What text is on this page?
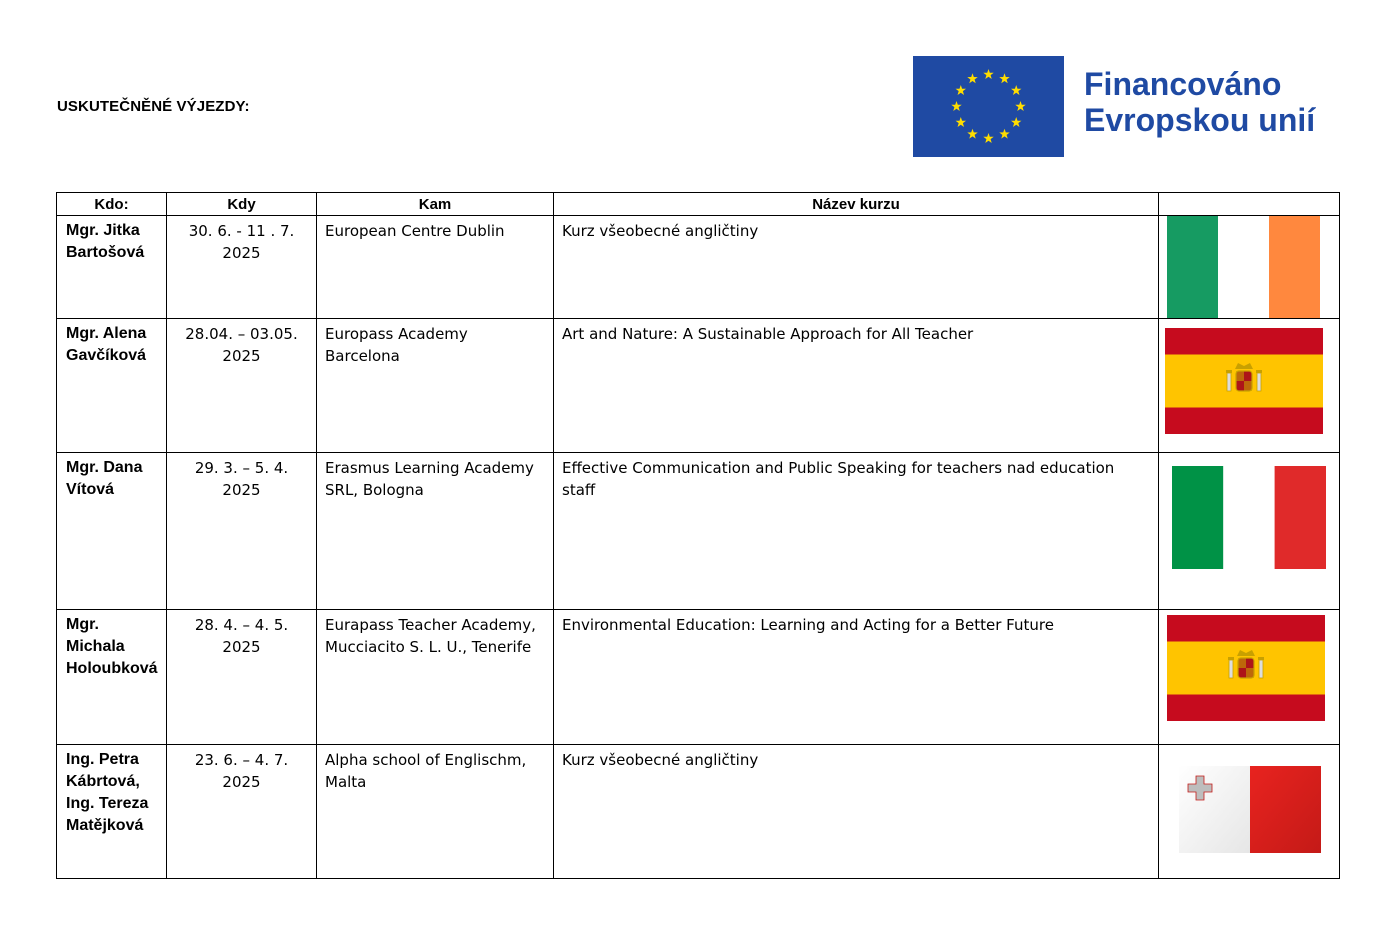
USKUTEČNĚNÉ VÝJEZDY:
Financováno
Evropskou unií
Kdo:	Kdy	Kam	Název kurzu	

Mgr. Jitka
Bartošová	30. 6. - 11 . 7. 2025	European Centre Dublin	Kurz všeobecné angličtiny

Mgr. Alena
Gavčíková	28.04. – 03.05. 2025	Europass Academy Barcelona	Art and Nature: A Sustainable Approach for All Teacher

Mgr. Dana
Vítová	29. 3. – 5. 4. 2025	Erasmus Learning Academy SRL, Bologna	Effective Communication and Public Speaking for teachers nad education staff

Mgr.
Michala
Holoubková	28. 4. – 4. 5. 2025	Eurapass Teacher Academy, Mucciacito S. L. U., Tenerife	Environmental Education: Learning and Acting for a Better Future

Ing. Petra
Kábrtová,
Ing. Tereza
Matějková	23. 6. – 4. 7. 2025	Alpha school of Englischm, Malta	Kurz všeobecné angličtiny
